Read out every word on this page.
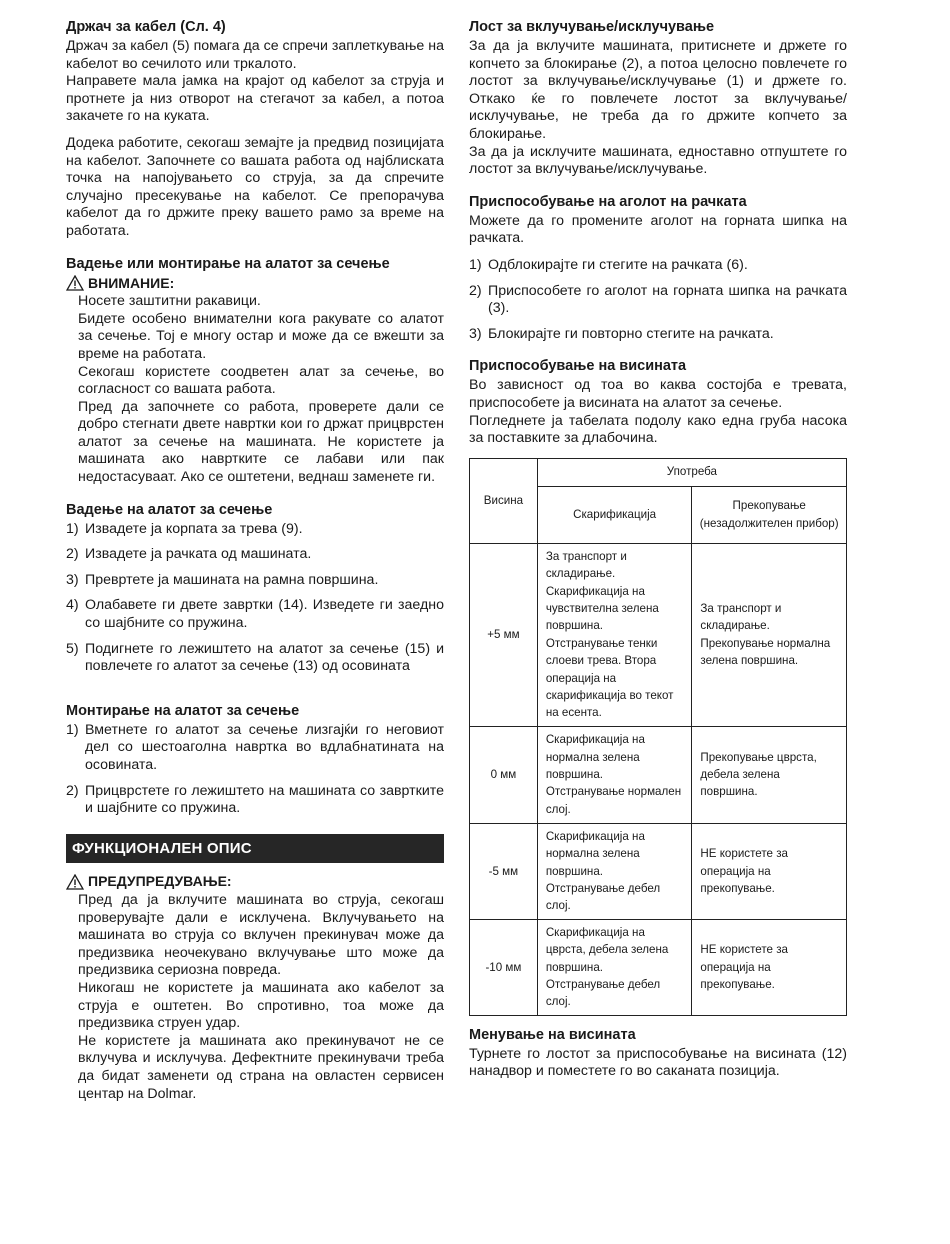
Држач за кабел (Сл. 4)

Држач за кабел (5) помага да се спречи заплеткување на кабелот во сечилото или тркалото.

Направете мала јамка на крајот од кабелот за струја и протнете ја низ отворот на стегачот за кабел, а потоа закачете го на куката.

Додека работите, секогаш земајте ја предвид позицијата на кабелот. Започнете со вашата работа од најблиската точка на напојувањето со струја, за да спречите случајно пресекување на кабелот. Се препорачува кабелот да го држите преку вашето рамо за време на работата.

Вадење или монтирање на алатот за сечење
ВНИМАНИЕ:

Носете заштитни ракавици.

Бидете особено внимателни кога ракувате со алатот за сечење. Тој е многу остар и може да се вжешти за време на работата.

Секогаш користете соодветен алат за сечење, во согласност со вашата работа.

Пред да започнете со работа, проверете дали се добро стегнати двете навртки кои го држат прицврстен алатот за сечење на машината. Не користете ја машината ако навртките се лабави или пак недостасуваат. Ако се оштетени, веднаш заменете ги.

Вадење на алатот за сечење
1) Извадете ја корпата за трева (9).
2) Извадете ја рачката од машината.
3) Превртете ја машината на рамна површина.
4) Олабавете ги двете завртки (14). Изведете ги заедно со шајбните со пружина.
5) Подигнете го лежиштето на алатот за сечење (15) и повлечете го алатот за сечење (13) од осовината
Монтирање на алатот за сечење
1) Вметнете го алатот за сечење лизгајќи го неговиот дел со шестоаголна навртка во вдлабнатината на осовината.
2) Прицврстете го лежиштето на машината со завртките и шајбните со пружина.
ФУНКЦИОНАЛЕН ОПИС
ПРЕДУПРЕДУВАЊЕ:

Пред да ја вклучите машината во струја, секогаш проверувајте дали е исклучена. Вклучувањето на машината во струја со вклучен прекинувач може да предизвика неочекувано вклучување што може да предизвика сериозна повреда.

Никогаш не користете ја машината ако кабелот за струја е оштетен. Во спротивно, тоа може да предизвика струен удар.

Не користете ја машината ако прекинувачот не се вклучува и исклучува. Дефектните прекинувачи треба да бидат заменети од страна на овластен сервисен центар на Dolmar.

Лост за вклучување/исклучување

За да ја вклучите машината, притиснете и држете го копчето за блокирање (2), а потоа целосно повлечете го лостот за вклучување/исклучување (1) и држете го. Откако ќе го повлечете лостот за вклучување/исклучување, не треба да го држите копчето за блокирање.

За да ја исклучите машината, едноставно отпуштете го лостот за вклучување/исклучување.

Приспособување на аголот на рачката

Можете да го промените аголот на горната шипка на рачката.

1) Одблокирајте ги стегите на рачката (6).
2) Приспособете го аголот на горната шипка на рачката (3).
3) Блокирајте ги повторно стегите на рачката.
Приспособување на висината

Во зависност од тоа во каква состојба е тревата, приспособете ја висината на алатот за сечење.

Погледнете ја табелата подолу како една груба насока за поставките за длабочина.

Висина	Употреба	
	Скарификација	Прекопување (незадолжителен прибор)
+5 мм	За транспорт и складирање. Скарификација на чувствителна зелена површина. Отстранување тенки слоеви трева. Втора операција на скарификација во текот на есента.	За транспорт и складирање. Прекопување нормална зелена површина.
0 мм	Скарификација на нормална зелена површина. Отстранување нормален слој.	Прекопување цврста, дебела зелена површина.
-5 мм	Скарификација на нормална зелена површина. Отстранување дебел слој.	НЕ користете за операција на прекопување.
-10 мм	Скарификација на цврста, дебела зелена површина. Отстранување дебел слој.	НЕ користете за операција на прекопување.
Менување на висината

Турнете го лостот за приспособување на висината (12) нанадвор и поместете го во саканата позиција.
